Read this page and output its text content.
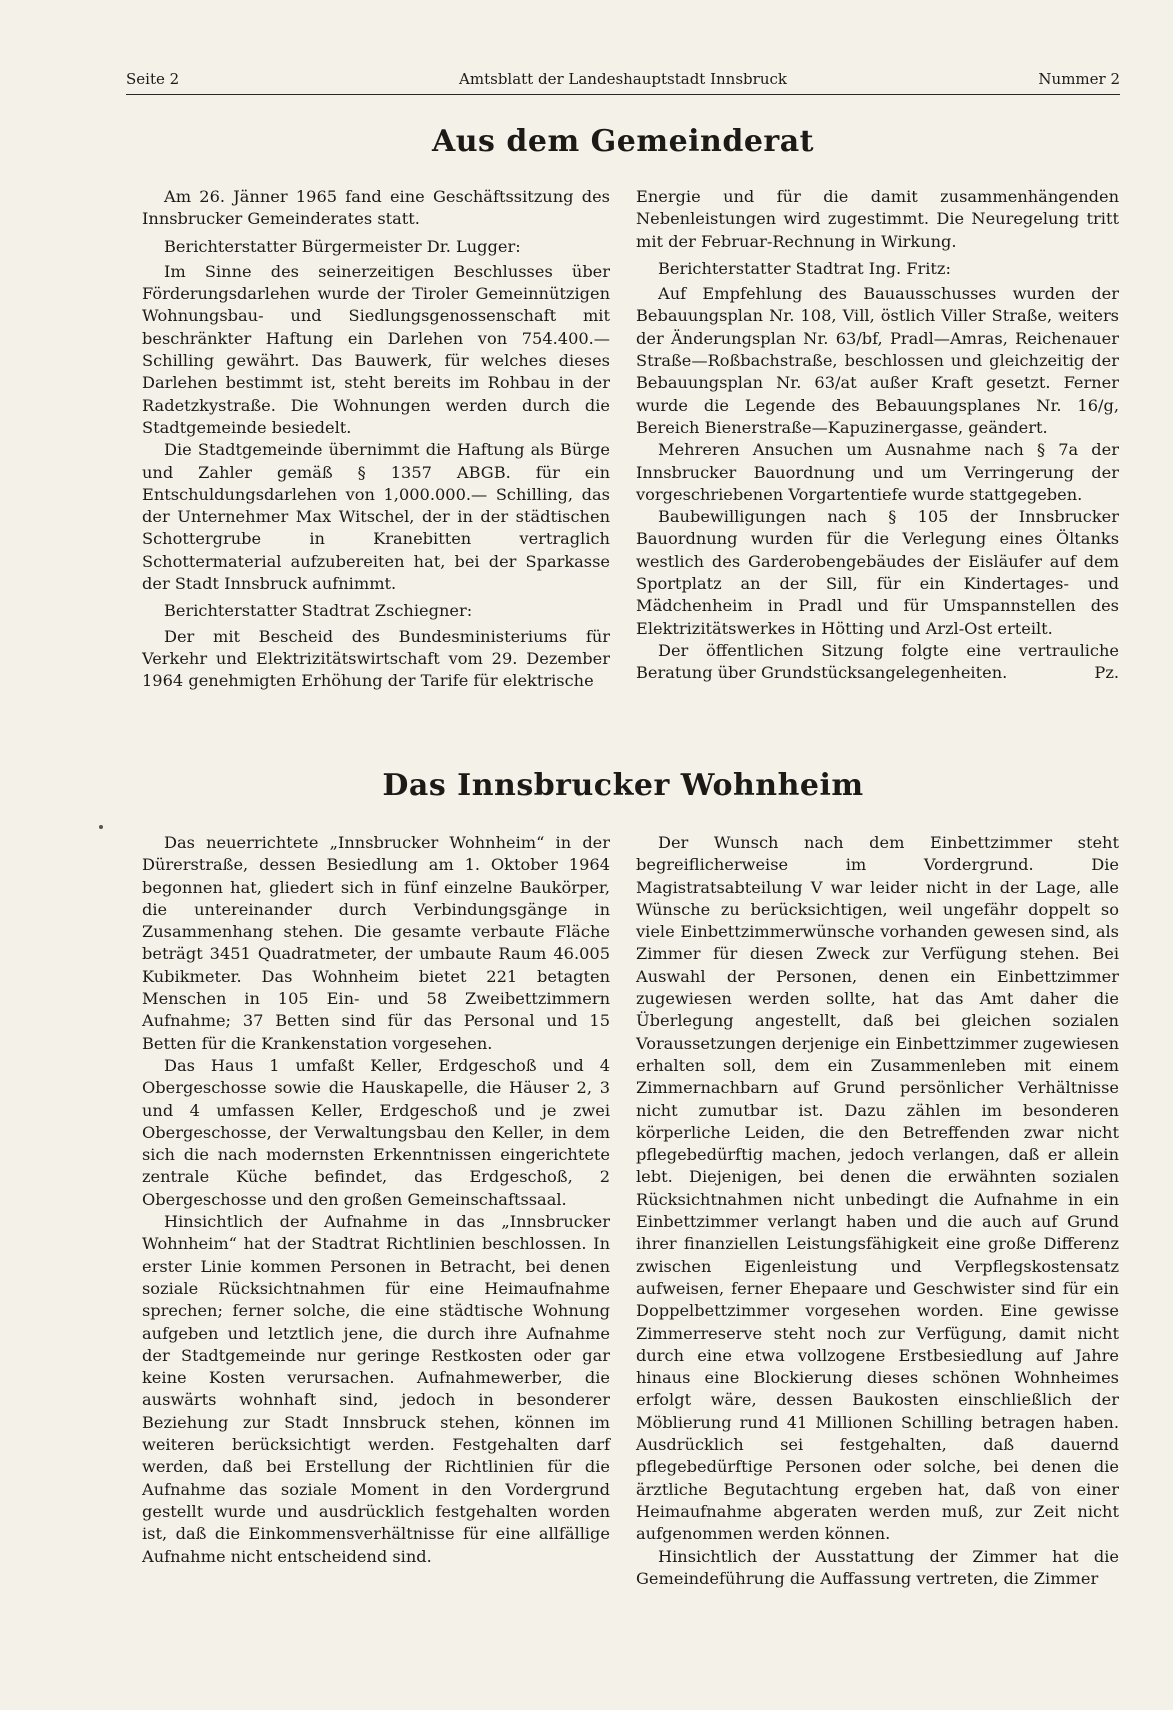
Amtsblatt der Landeshauptstadt Innsbruck
Seite 2	Nummer 2
Aus dem Gemeinderat

Am 26. Jänner 1965 fand eine Geschäftssitzung des Innsbrucker Gemeinderates statt.

Berichterstatter Bürgermeister Dr. Lugger:

Im Sinne des seinerzeitigen Beschlusses über Förderungsdarlehen wurde der Tiroler Gemeinnützigen Wohnungsbau- und Siedlungsgenossenschaft mit beschränkter Haftung ein Darlehen von 754.400.— Schilling gewährt. Das Bauwerk, für welches dieses Darlehen bestimmt ist, steht bereits im Rohbau in der Radetzkystraße. Die Wohnungen werden durch die Stadtgemeinde besiedelt.

Die Stadtgemeinde übernimmt die Haftung als Bürge und Zahler gemäß § 1357 ABGB. für ein Entschuldungsdarlehen von 1,000.000.— Schilling, das der Unternehmer Max Witschel, der in der städtischen Schottergrube in Kranebitten vertraglich Schottermaterial aufzubereiten hat, bei der Sparkasse der Stadt Innsbruck aufnimmt.

Berichterstatter Stadtrat Zschiegner:

Der mit Bescheid des Bundesministeriums für Verkehr und Elektrizitätswirtschaft vom 29. Dezember 1964 genehmigten Erhöhung der Tarife für elektrische

Energie und für die damit zusammenhängenden Nebenleistungen wird zugestimmt. Die Neuregelung tritt mit der Februar-Rechnung in Wirkung.

Berichterstatter Stadtrat Ing. Fritz:

Auf Empfehlung des Bauausschusses wurden der Bebauungsplan Nr. 108, Vill, östlich Viller Straße, weiters der Änderungsplan Nr. 63/bf, Pradl—Amras, Reichenauer Straße—Roßbachstraße, beschlossen und gleichzeitig der Bebauungsplan Nr. 63/at außer Kraft gesetzt. Ferner wurde die Legende des Bebauungsplanes Nr. 16/g, Bereich Bienerstraße—Kapuzinergasse, geändert.

Mehreren Ansuchen um Ausnahme nach § 7a der Innsbrucker Bauordnung und um Verringerung der vorgeschriebenen Vorgartentiefe wurde stattgegeben.

Baubewilligungen nach § 105 der Innsbrucker Bauordnung wurden für die Verlegung eines Öltanks westlich des Garderobengebäudes der Eisläufer auf dem Sportplatz an der Sill, für ein Kindertages- und Mädchenheim in Pradl und für Umspannstellen des Elektrizitätswerkes in Hötting und Arzl-Ost erteilt.

Der öffentlichen Sitzung folgte eine vertrauliche Beratung über Grundstücksangelegenheiten.	Pz.

Das Innsbrucker Wohnheim

Das neuerrichtete „Innsbrucker Wohnheim“ in der Dürerstraße, dessen Besiedlung am 1. Oktober 1964 begonnen hat, gliedert sich in fünf einzelne Baukörper, die untereinander durch Verbindungsgänge in Zusammenhang stehen. Die gesamte verbaute Fläche beträgt 3451 Quadratmeter, der umbaute Raum 46.005 Kubikmeter. Das Wohnheim bietet 221 betagten Menschen in 105 Ein- und 58 Zweibettzimmern Aufnahme; 37 Betten sind für das Personal und 15 Betten für die Krankenstation vorgesehen.

Das Haus 1 umfaßt Keller, Erdgeschoß und 4 Obergeschosse sowie die Hauskapelle, die Häuser 2, 3 und 4 umfassen Keller, Erdgeschoß und je zwei Obergeschosse, der Verwaltungsbau den Keller, in dem sich die nach modernsten Erkenntnissen eingerichtete zentrale Küche befindet, das Erdgeschoß, 2 Obergeschosse und den großen Gemeinschaftssaal.

Hinsichtlich der Aufnahme in das „Innsbrucker Wohnheim“ hat der Stadtrat Richtlinien beschlossen. In erster Linie kommen Personen in Betracht, bei denen soziale Rücksichtnahmen für eine Heimaufnahme sprechen; ferner solche, die eine städtische Wohnung aufgeben und letztlich jene, die durch ihre Aufnahme der Stadtgemeinde nur geringe Restkosten oder gar keine Kosten verursachen. Aufnahmewerber, die auswärts wohnhaft sind, jedoch in besonderer Beziehung zur Stadt Innsbruck stehen, können im weiteren berücksichtigt werden. Festgehalten darf werden, daß bei Erstellung der Richtlinien für die Aufnahme das soziale Moment in den Vordergrund gestellt wurde und ausdrücklich festgehalten worden ist, daß die Einkommensverhältnisse für eine allfällige Aufnahme nicht entscheidend sind.

Der Wunsch nach dem Einbettzimmer steht begreiflicherweise im Vordergrund. Die Magistratsabteilung V war leider nicht in der Lage, alle Wünsche zu berücksichtigen, weil ungefähr doppelt so viele Einbettzimmerwünsche vorhanden gewesen sind, als Zimmer für diesen Zweck zur Verfügung stehen. Bei Auswahl der Personen, denen ein Einbettzimmer zugewiesen werden sollte, hat das Amt daher die Überlegung angestellt, daß bei gleichen sozialen Voraussetzungen derjenige ein Einbettzimmer zugewiesen erhalten soll, dem ein Zusammenleben mit einem Zimmernachbarn auf Grund persönlicher Verhältnisse nicht zumutbar ist. Dazu zählen im besonderen körperliche Leiden, die den Betreffenden zwar nicht pflegebedürftig machen, jedoch verlangen, daß er allein lebt. Diejenigen, bei denen die erwähnten sozialen Rücksichtnahmen nicht unbedingt die Aufnahme in ein Einbettzimmer verlangt haben und die auch auf Grund ihrer finanziellen Leistungsfähigkeit eine große Differenz zwischen Eigenleistung und Verpflegskostensatz aufweisen, ferner Ehepaare und Geschwister sind für ein Doppelbettzimmer vorgesehen worden. Eine gewisse Zimmerreserve steht noch zur Verfügung, damit nicht durch eine etwa vollzogene Erstbesiedlung auf Jahre hinaus eine Blockierung dieses schönen Wohnheimes erfolgt wäre, dessen Baukosten einschließlich der Möblierung rund 41 Millionen Schilling betragen haben. Ausdrücklich sei festgehalten, daß dauernd pflegebedürftige Personen oder solche, bei denen die ärztliche Begutachtung ergeben hat, daß von einer Heimaufnahme abgeraten werden muß, zur Zeit nicht aufgenommen werden können.

Hinsichtlich der Ausstattung der Zimmer hat die Gemeindeführung die Auffassung vertreten, die Zimmer
